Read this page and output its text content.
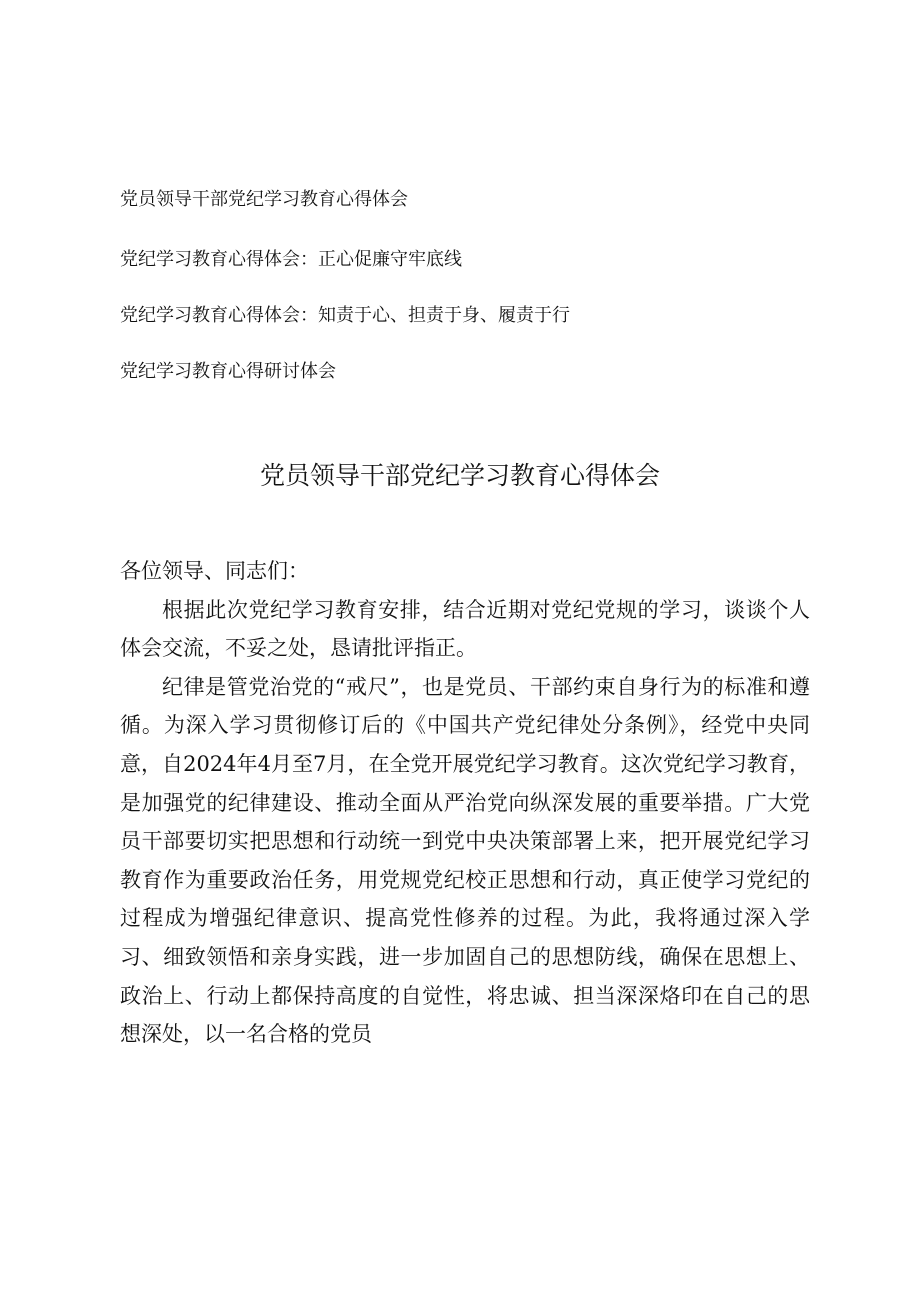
党员领导干部党纪学习教育心得体会
党纪学习教育心得体会：正心促廉守牢底线
党纪学习教育心得体会：知责于心、担责于身、履责于行
党纪学习教育心得研讨体会
党员领导干部党纪学习教育心得体会

各位领导、同志们：

根据此次党纪学习教育安排，结合近期对党纪党规的学习，谈谈个人体会交流，不妥之处，恳请批评指正。

纪律是管党治党的“戒尺”，也是党员、干部约束自身行为的标准和遵循。为深入学习贯彻修订后的《中国共产党纪律处分条例》，经党中央同意，自2024年4月至7月，在全党开展党纪学习教育。这次党纪学习教育，是加强党的纪律建设、推动全面从严治党向纵深发展的重要举措。广大党员干部要切实把思想和行动统一到党中央决策部署上来，把开展党纪学习教育作为重要政治任务，用党规党纪校正思想和行动，真正使学习党纪的过程成为增强纪律意识、提高党性修养的过程。为此，我将通过深入学习、细致领悟和亲身实践，进一步加固自己的思想防线，确保在思想上、政治上、行动上都保持高度的自觉性，将忠诚、担当深深烙印在自己的思想深处，以一名合格的党员
